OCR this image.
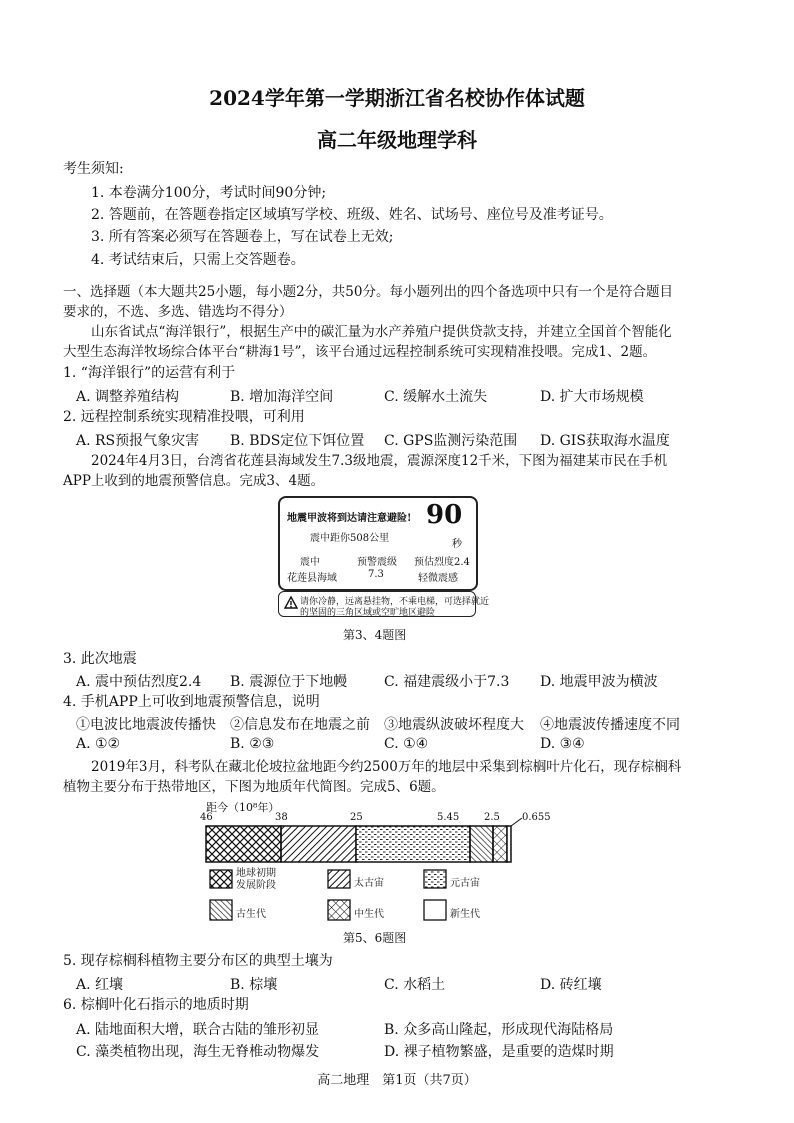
2024学年第一学期浙江省名校协作体试题
高二年级地理学科
考生须知:
1. 本卷满分100分，考试时间90分钟;
2. 答题前，在答题卷指定区域填写学校、班级、姓名、试场号、座位号及准考证号。
3. 所有答案必须写在答题卷上，写在试卷上无效;
4. 考试结束后，只需上交答题卷。
一、选择题（本大题共25小题，每小题2分，共50分。每小题列出的四个备选项中只有一个是符合题目
要求的，不选、多选、错选均不得分）
山东省试点“海洋银行”，根据生产中的碳汇量为水产养殖户提供贷款支持，并建立全国首个智能化
大型生态海洋牧场综合体平台“耕海1号”，该平台通过远程控制系统可实现精准投喂。完成1、2题。
1. “海洋银行”的运营有利于
A. 调整养殖结构	B. 增加海洋空间	C. 缓解水土流失	D. 扩大市场规模
2. 远程控制系统实现精准投喂，可利用
A. RS预报气象灾害 B. BDS定位下饵位置 C. GPS监测污染范围 D. GIS获取海水温度
2024年4月3日，台湾省花莲县海域发生7.3级地震，震源深度12千米，下图为福建某市民在手机
APP上收到的地震预警信息。完成3、4题。
地震甲波将到达请注意避险! 90
秒
震中距你508公里
震中
花莲县海域
预警震级
7.3
预估烈度2.4
轻微震感
请你冷静，远离悬挂物，不乘电梯，可选择就近
的坚固的三角区域或空旷地区避险
第3、4题图
3. 此次地震
A. 震中预估烈度2.4 B. 震源位于下地幔	C. 福建震级小于7.3 D. 地震甲波为横波
4. 手机APP上可收到地震预警信息，说明
①电波比地震波传播快 ②信息发布在地震之前 ③地震纵波破坏程度大 ④地震波传播速度不同
A. ①②	B. ②③	C. ①④	D. ③④
2019年3月，科考队在藏北伦坡拉盆地距今约2500万年的地层中采集到棕榈叶片化石，现存棕榈科
植物主要分布于热带地区，下图为地质年代简图。完成5、6题。
距今（10⁸年）
46	38	25	5.45 2.5 0.655
地球初期
发展阶段	太古宙	元古宙
古生代	中生代	新生代
第5、6题图
5. 现存棕榈科植物主要分布区的典型土壤为
A. 红壤	B. 棕壤	C. 水稻土	D. 砖红壤
6. 棕榈叶化石指示的地质时期
A. 陆地面积大增，联合古陆的雏形初显	B. 众多高山隆起，形成现代海陆格局
C. 藻类植物出现，海生无脊椎动物爆发	D. 裸子植物繁盛，是重要的造煤时期
高二地理　第1页（共7页）
